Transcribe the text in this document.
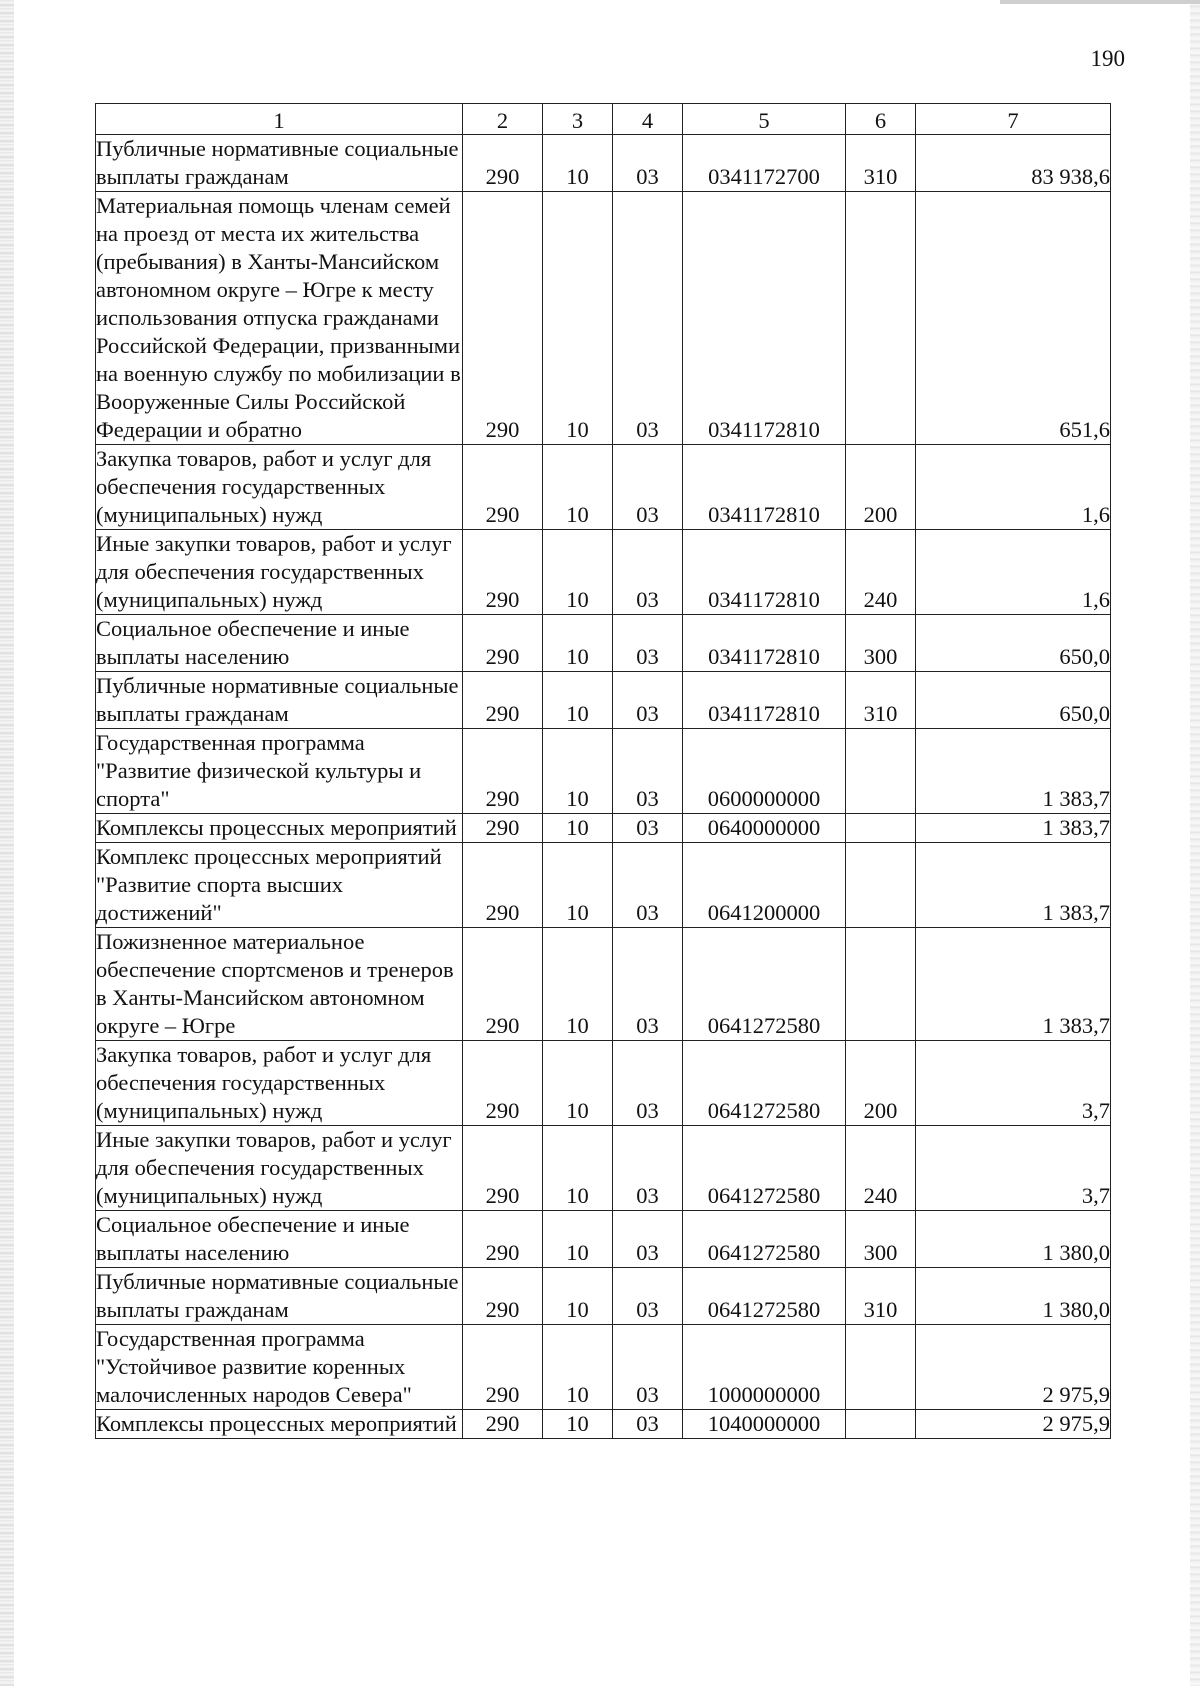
190
1	2	3	4	5	6	7
Публичные нормативные социальные выплаты гражданам	290	10	03	0341172700	310	83 938,6
Материальная помощь членам семей на проезд от места их жительства (пребывания) в Ханты-Мансийском автономном округе – Югре к месту использования отпуска гражданами Российской Федерации, призванными на военную службу по мобилизации в Вооруженные Силы Российской Федерации и обратно	290	10	03	0341172810		651,6
Закупка товаров, работ и услуг для обеспечения государственных (муниципальных) нужд	290	10	03	0341172810	200	1,6
Иные закупки товаров, работ и услуг для обеспечения государственных (муниципальных) нужд	290	10	03	0341172810	240	1,6
Социальное обеспечение и иные выплаты населению	290	10	03	0341172810	300	650,0
Публичные нормативные социальные выплаты гражданам	290	10	03	0341172810	310	650,0
Государственная программа "Развитие физической культуры и спорта"	290	10	03	0600000000		1 383,7
Комплексы процессных мероприятий	290	10	03	0640000000		1 383,7
Комплекс процессных мероприятий "Развитие спорта высших достижений"	290	10	03	0641200000		1 383,7
Пожизненное материальное обеспечение спортсменов и тренеров в Ханты-Мансийском автономном округе – Югре	290	10	03	0641272580		1 383,7
Закупка товаров, работ и услуг для обеспечения государственных (муниципальных) нужд	290	10	03	0641272580	200	3,7
Иные закупки товаров, работ и услуг для обеспечения государственных (муниципальных) нужд	290	10	03	0641272580	240	3,7
Социальное обеспечение и иные выплаты населению	290	10	03	0641272580	300	1 380,0
Публичные нормативные социальные выплаты гражданам	290	10	03	0641272580	310	1 380,0
Государственная программа "Устойчивое развитие коренных малочисленных народов Севера"	290	10	03	1000000000		2 975,9
Комплексы процессных мероприятий	290	10	03	1040000000		2 975,9
